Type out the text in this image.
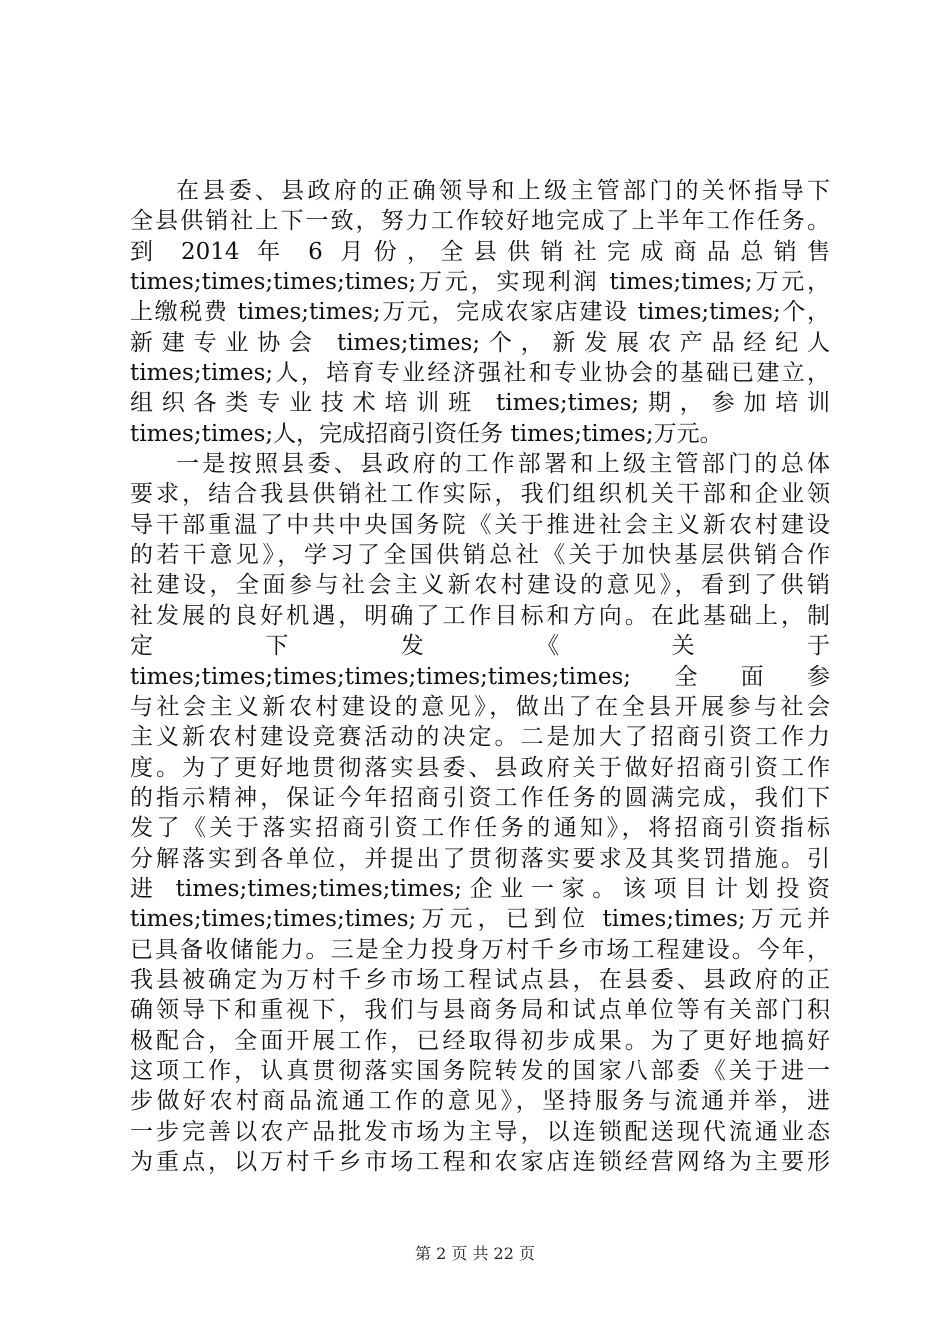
在县委、县政府的正确领导和上级主管部门的关怀指导下
全县供销社上下一致，努力工作较好地完成了上半年工作任务。
到 2014 年 6 月份，全县供销社完成商品总销售
times;times;times;times;万元，实现利润 times;times;万元，
上缴税费 times;times;万元，完成农家店建设 times;times;个，
新建专业协会 times;times;个，新发展农产品经纪人
times;times;人，培育专业经济强社和专业协会的基础已建立，
组织各类专业技术培训班 times;times;期，参加培训
times;times;人，完成招商引资任务 times;times;万元。
一是按照县委、县政府的工作部署和上级主管部门的总体
要求，结合我县供销社工作实际，我们组织机关干部和企业领
导干部重温了中共中央国务院《关于推进社会主义新农村建设
的若干意见》，学习了全国供销总社《关于加快基层供销合作
社建设，全面参与社会主义新农村建设的意见》，看到了供销
社发展的良好机遇，明确了工作目标和方向。在此基础上，制
定 下 发 《 关 于
times;times;times;times;times;times;times;全面参
与社会主义新农村建设的意见》，做出了在全县开展参与社会
主义新农村建设竞赛活动的决定。二是加大了招商引资工作力
度。为了更好地贯彻落实县委、县政府关于做好招商引资工作
的指示精神，保证今年招商引资工作任务的圆满完成，我们下
发了《关于落实招商引资工作任务的通知》，将招商引资指标
分解落实到各单位，并提出了贯彻落实要求及其奖罚措施。引
进 times;times;times;times;企业一家。该项目计划投资
times;times;times;times;万元，已到位 times;times;万元并
已具备收储能力。三是全力投身万村千乡市场工程建设。今年，
我县被确定为万村千乡市场工程试点县，在县委、县政府的正
确领导下和重视下，我们与县商务局和试点单位等有关部门积
极配合，全面开展工作，已经取得初步成果。为了更好地搞好
这项工作，认真贯彻落实国务院转发的国家八部委《关于进一
步做好农村商品流通工作的意见》，坚持服务与流通并举，进
一步完善以农产品批发市场为主导，以连锁配送现代流通业态
为重点，以万村千乡市场工程和农家店连锁经营网络为主要形
第 2 页 共 22 页
